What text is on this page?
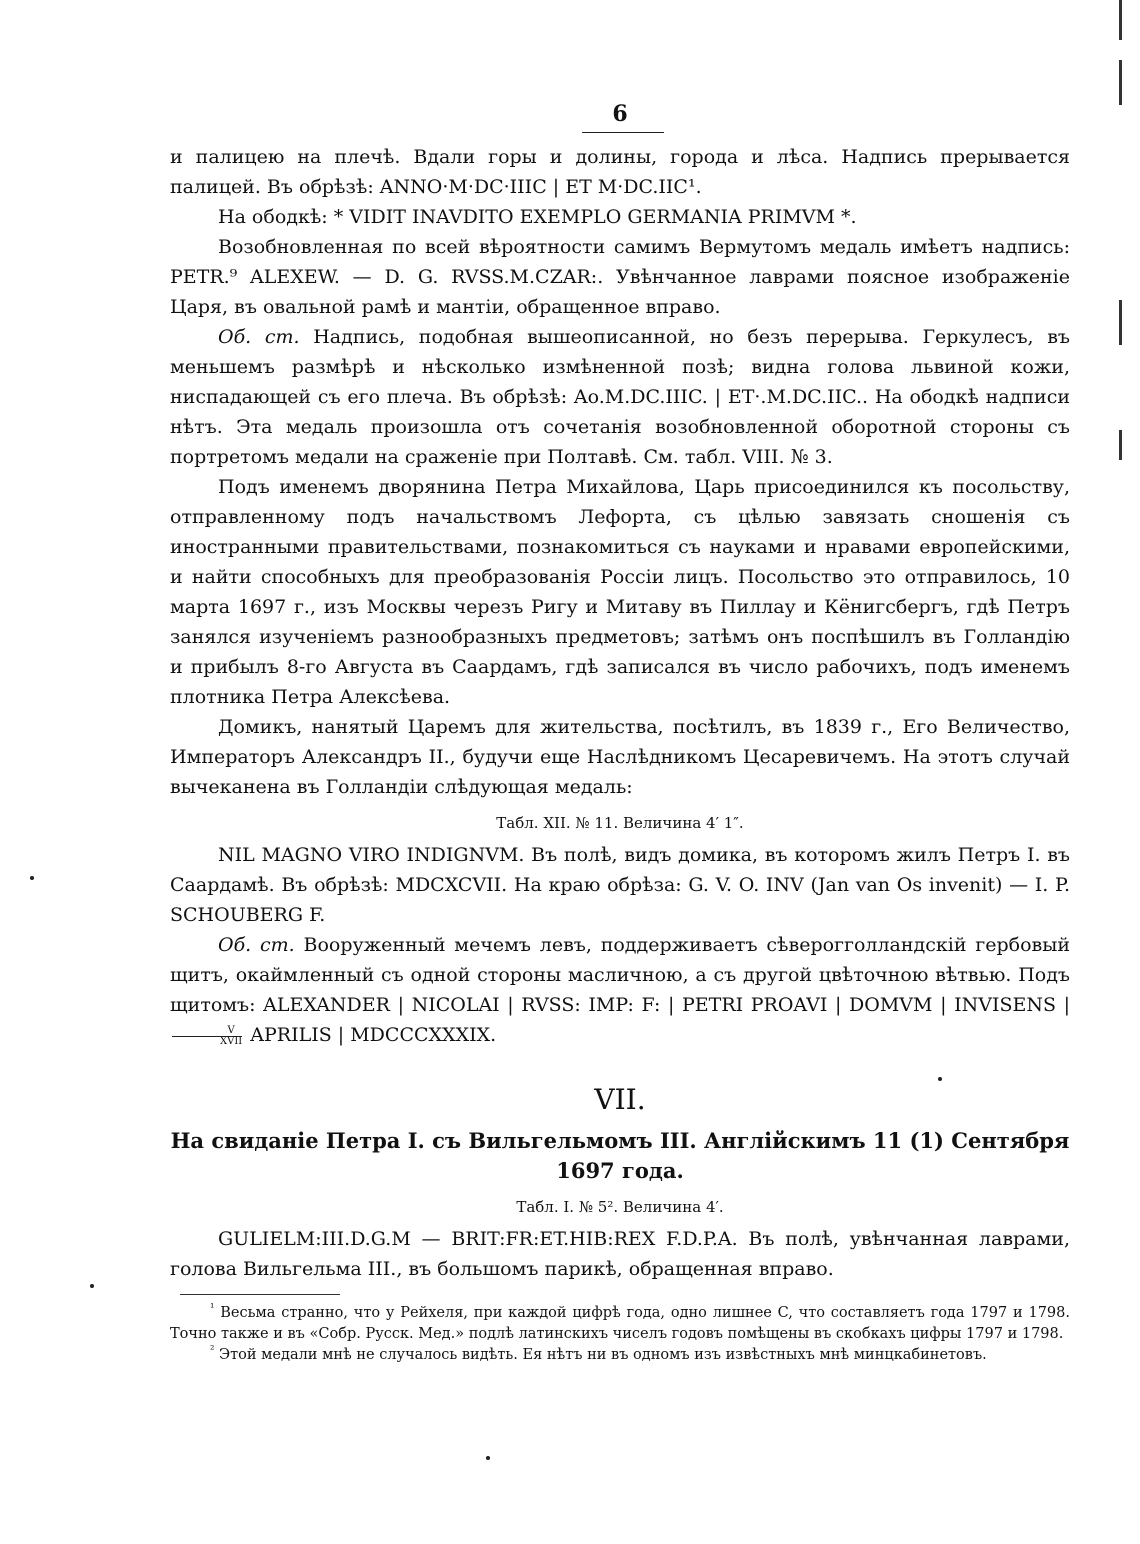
6

и палицею на плечѣ. Вдали горы и долины, города и лѣса. Надпись прерывается палицей. Въ обрѣзѣ: ANNO·M·DC·IIIC | ET M·DC.IIC¹.

На ободкѣ: * VIDIT INAVDITO EXEMPLO GERMANIA PRIMVM *.

Возобновленная по всей вѣроятности самимъ Вермутомъ медаль имѣетъ надпись: PETR.⁹ ALEXEW. — D. G. RVSS.M.CZAR:. Увѣнчанное лаврами поясное изображеніе Царя, въ овальной рамѣ и мантіи, обращенное вправо.

Об. ст. Надпись, подобная вышеописанной, но безъ перерыва. Геркулесъ, въ меньшемъ размѣрѣ и нѣсколько измѣненной позѣ; видна голова львиной кожи, ниспадающей съ его плеча. Въ обрѣзѣ: Ao.M.DC.IIIC. | ET·.M.DC.IIC.. На ободкѣ надписи нѣтъ. Эта медаль произошла отъ сочетанія возобновленной оборотной стороны съ портретомъ медали на сраженіе при Полтавѣ. См. табл. VIII. № 3.

Подъ именемъ дворянина Петра Михайлова, Царь присоединился къ посольству, отправленному подъ начальствомъ Лефорта, съ цѣлью завязать сношенія съ иностранными правительствами, познакомиться съ науками и нравами европейскими, и найти способныхъ для преобразованія Россіи лицъ. Посольство это отправилось, 10 марта 1697 г., изъ Москвы черезъ Ригу и Митаву въ Пиллау и Кёнигсбергъ, гдѣ Петръ занялся изученіемъ разнообразныхъ предметовъ; затѣмъ онъ поспѣшилъ въ Голландію и прибылъ 8-го Августа въ Саардамъ, гдѣ записался въ число рабочихъ, подъ именемъ плотника Петра Алексѣева.

Домикъ, нанятый Царемъ для жительства, посѣтилъ, въ 1839 г., Его Величество, Императоръ Александръ II., будучи еще Наслѣдникомъ Цесаревичемъ. На этотъ случай вычеканена въ Голландіи слѣдующая медаль:

Табл. XII. № 11. Величина 4′ 1″.

NIL MAGNO VIRO INDIGNVM. Въ полѣ, видъ домика, въ которомъ жилъ Петръ I. въ Саардамѣ. Въ обрѣзѣ: MDCXCVII. На краю обрѣза: G. V. O. INV (Jan van Os invenit) — I. P. SCHOUBERG F.

Об. ст. Вооруженный мечемъ левъ, поддерживаетъ сѣверогголландскій гербовый щитъ, окаймленный съ одной стороны масличною, а съ другой цвѣточною вѣтвью. Подъ щитомъ: ALEXANDER | NICOLAI | RVSS: IMP: F: | PETRI PROAVI | DOMVM | INVISENS |
$\frac{V}{\text{XVII}}$ APRILIS | MDCCCXXXIX.

VII.
На свиданіе Петра I. съ Вильгельмомъ III. Англійскимъ 11 (1) Сентября 1697 года.
Табл. I. № 5². Величина 4′.

GULIELM:III.D.G.M — BRIT:FR:ET.HIB:REX F.D.P.A. Въ полѣ, увѣнчанная лаврами, голова Вильгельма III., въ большомъ парикѣ, обращенная вправо.

$^{^1}$ Весьма странно, что у Рейхеля, при каждой цифрѣ года, одно лишнее C, что составляетъ года 1797 и 1798. Точно также и въ «Собр. Русск. Мед.» подлѣ латинскихъ чиселъ годовъ помѣщены въ скобкахъ цифры 1797 и 1798.

$^{^2}$ Этой медали мнѣ не случалось видѣть. Ея нѣтъ ни въ одномъ изъ извѣстныхъ мнѣ минцкабинетовъ.
